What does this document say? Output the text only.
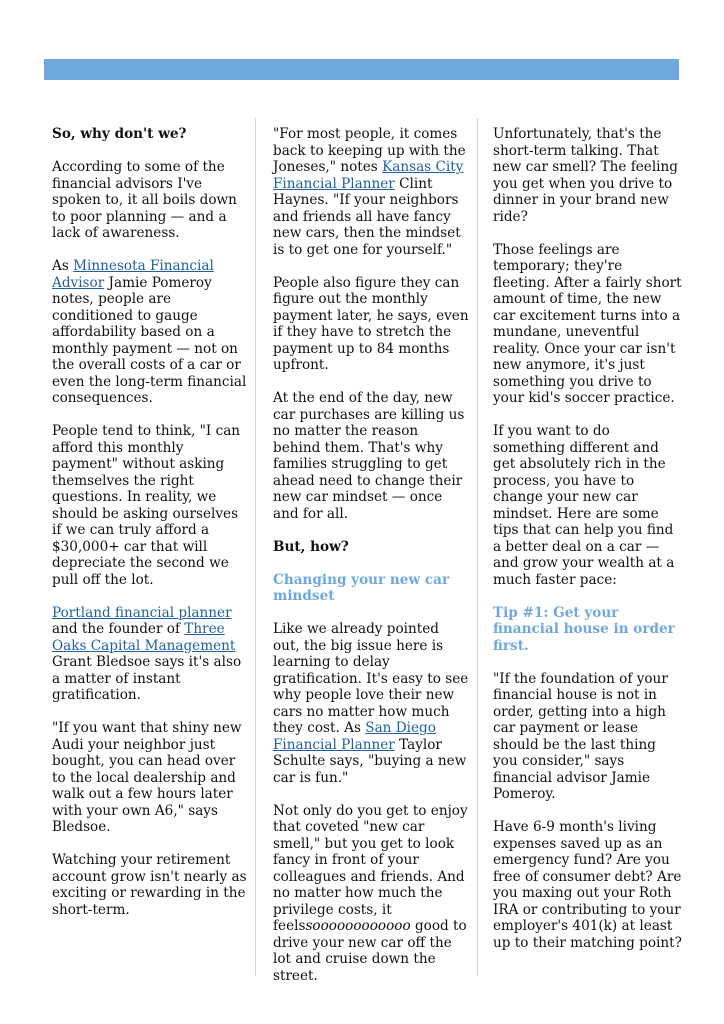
So, why don't we?

According to some of the financial advisors I've spoken to, it all boils down to poor planning — and a lack of awareness.

As Minnesota Financial Advisor Jamie Pomeroy notes, people are conditioned to gauge affordability based on a monthly payment — not on the overall costs of a car or even the long-term financial consequences.

People tend to think, "I can afford this monthly payment" without asking themselves the right questions. In reality, we should be asking ourselves if we can truly afford a $30,000+ car that will depreciate the second we pull off the lot.

Portland financial planner and the founder of Three Oaks Capital Management Grant Bledsoe says it's also a matter of instant gratification.

"If you want that shiny new Audi your neighbor just bought, you can head over to the local dealership and walk out a few hours later with your own A6," says Bledsoe.

Watching your retirement account grow isn't nearly as exciting or rewarding in the short-term.

"For most people, it comes back to keeping up with the Joneses," notes Kansas City Financial Planner Clint Haynes. "If your neighbors and friends all have fancy new cars, then the mindset is to get one for yourself."

People also figure they can figure out the monthly payment later, he says, even if they have to stretch the payment up to 84 months upfront.

At the end of the day, new car purchases are killing us no matter the reason behind them. That's why families struggling to get ahead need to change their new car mindset — once and for all.

But, how?

Changing your new car mindset

Like we already pointed out, the big issue here is learning to delay gratification. It's easy to see why people love their new cars no matter how much they cost. As San Diego Financial Planner Taylor Schulte says, "buying a new car is fun."

Not only do you get to enjoy that coveted "new car smell," but you get to look fancy in front of your colleagues and friends. And no matter how much the privilege costs, it feelssoooooooooooo good to drive your new car off the lot and cruise down the street.

Unfortunately, that's the short-term talking. That new car smell? The feeling you get when you drive to dinner in your brand new ride?

Those feelings are temporary; they're fleeting. After a fairly short amount of time, the new car excitement turns into a mundane, uneventful reality. Once your car isn't new anymore, it's just something you drive to your kid's soccer practice.

If you want to do something different and get absolutely rich in the process, you have to change your new car mindset. Here are some tips that can help you find a better deal on a car — and grow your wealth at a much faster pace:

Tip #1: Get your financial house in order first.

"If the foundation of your financial house is not in order, getting into a high car payment or lease should be the last thing you consider," says financial advisor Jamie Pomeroy.

Have 6-9 month's living expenses saved up as an emergency fund? Are you free of consumer debt? Are you maxing out your Roth IRA or contributing to your employer's 401(k) at least up to their matching point?
